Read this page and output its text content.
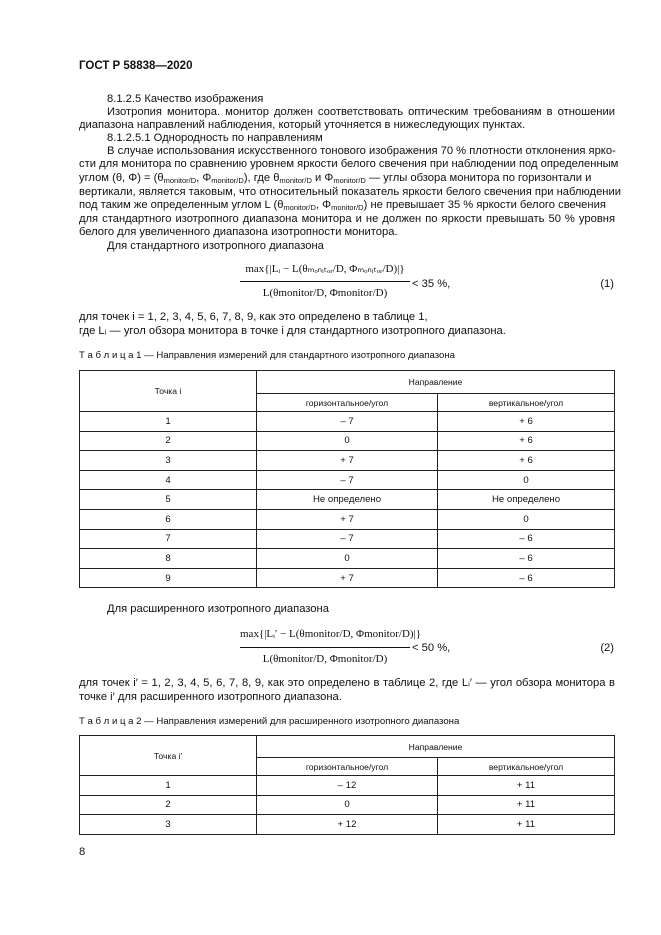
ГОСТ Р 58838—2020
8.1.2.5 Качество изображения
Изотропия монитора. монитор должен соответствовать оптическим требованиям в отношении
диапазона направлений наблюдения, который уточняется в нижеследующих пунктах.
8.1.2.5.1 Однородность по направлениям
В случае использования искусственного тонового изображения 70 % плотности отклонения ярко-
сти для монитора по сравнению уровнем яркости белого свечения при наблюдении под определенным
углом (θ, $\Phi) = (\theta_{monitor/D}$, $\Phi_{monitor/D}$), где $\theta_{monitor/D}$ и $\Phi_{monitor/D}$ — углы обзора монитора по горизонтали и
вертикали, является таковым, что относительный показатель яркости белого свечения при наблюдении
под таким же определенным углом L ($\theta_{monitor/D}$, $\Phi_{monitor/D}$) не превышает 35 % яркости белого свечения
для стандартного изотропного диапазона монитора и не должен по яркости превышать 50 % уровня
белого для увеличенного диапазона изотропности монитора.
Для стандартного изотропного диапазона
max{|Lᵢ − L(θₘₒₙᵢₜₒᵣ/D, Φₘₒₙᵢₜₒᵣ/D)|}
L(θmonitor/D, Φmonitor/D)
< 35 %,	(1)
для точек i = 1, 2, 3, 4, 5, 6, 7, 8, 9, как это определено в таблице 1,
где Lᵢ — угол обзора монитора в точке i для стандартного изотропного диапазона.
Т а б л и ц а 1 — Направления измерений для стандартного изотропного диапазона
Точка i	Направление	
	горизонтальное/угол	вертикальное/угол
1	– 7	+ 6
2	0	+ 6
3	+ 7	+ 6
4	– 7	0
5	Не определено	Не определено
6	+ 7	0
7	– 7	– 6
8	0	– 6
9	+ 7	– 6
Для расширенного изотропного диапазона
max{|Lᵢ′ − L(θmonitor/D, Φmonitor/D)|}
L(θmonitor/D, Φmonitor/D)
< 50 %,	(2)
для точек i′ = 1, 2, 3, 4, 5, 6, 7, 8, 9, как это определено в таблице 2, где Lᵢ′ — угол обзора монитора в
точке i′ для расширенного изотропного диапазона.
Т а б л и ц а 2 — Направления измерений для расширенного изотропного диапазона
Точка i′	Направление	
	горизонтальное/угол	вертикальное/угол
1	– 12	+ 11
2	0	+ 11
3	+ 12	+ 11
8
